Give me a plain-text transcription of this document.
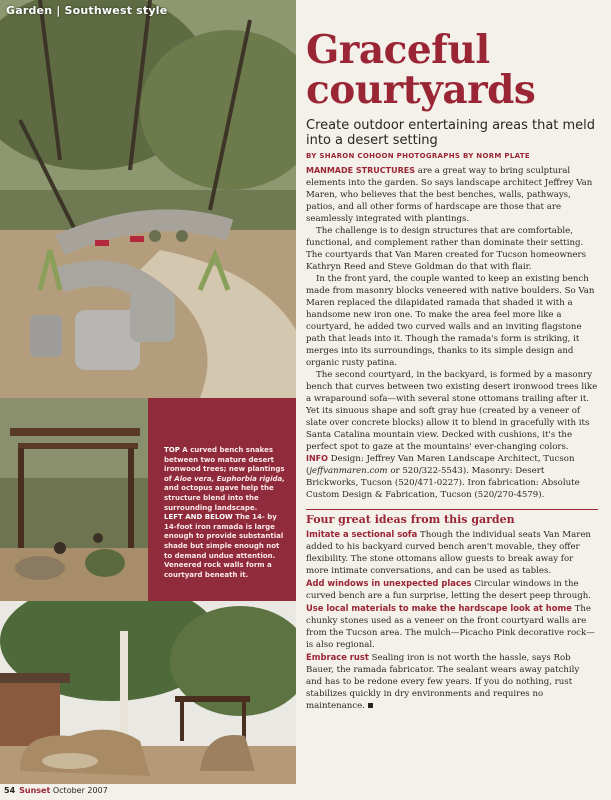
Garden | Southwest style
TOP A curved bench snakes between two mature desert ironwood trees; new plantings of Aloe vera, Euphorbia rigida, and octopus agave help the structure blend into the surrounding landscape.
LEFT AND BELOW The 14- by 14-foot iron ramada is large enough to provide substantial shade but simple enough not to demand undue attention. Veneered rock walls form a courtyard beneath it.
54 Sunset October 2007
Graceful courtyards

Create outdoor entertaining areas that meld into a desert setting

BY SHARON COHOON PHOTOGRAPHS BY NORM PLATE

MANMADE STRUCTURES are a great way to bring sculptural elements into the garden. So says landscape architect Jeffrey Van Maren, who believes that the best benches, walls, pathways, patios, and all other forms of hardscape are those that are seamlessly integrated with plantings.

The challenge is to design structures that are comfortable, functional, and complement rather than dominate their setting. The courtyards that Van Maren created for Tucson homeowners Kathryn Reed and Steve Goldman do that with flair.

In the front yard, the couple wanted to keep an existing bench made from masonry blocks veneered with native boulders. So Van Maren replaced the dilapidated ramada that shaded it with a handsome new iron one. To make the area feel more like a courtyard, he added two curved walls and an inviting flagstone path that leads into it. Though the ramada's form is striking, it merges into its surroundings, thanks to its simple design and organic rusty patina.

The second courtyard, in the backyard, is formed by a masonry bench that curves between two existing desert ironwood trees like a wraparound sofa—with several stone ottomans trailing after it. Yet its sinuous shape and soft gray hue (created by a veneer of slate over concrete blocks) allow it to blend in gracefully with its Santa Catalina mountain view. Decked with cushions, it's the perfect spot to gaze at the mountains' ever-changing colors.

INFO Design: Jeffrey Van Maren Landscape Architect, Tucson (jeffvanmaren.com or 520/322-5543). Masonry: Desert Brickworks, Tucson (520/471-0227). Iron fabrication: Absolute Custom Design & Fabrication, Tucson (520/270-4579).

Four great ideas from this garden

Imitate a sectional sofa Though the individual seats Van Maren added to his backyard curved bench aren't movable, they offer flexibility. The stone ottomans allow guests to break away for more intimate conversations, and can be used as tables.

Add windows in unexpected places Circular windows in the curved bench are a fun surprise, letting the desert peep through.

Use local materials to make the hardscape look at home The chunky stones used as a veneer on the front courtyard walls are from the Tucson area. The mulch—Picacho Pink decorative rock—is also regional.

Embrace rust Sealing iron is not worth the hassle, says Rob Bauer, the ramada fabricator. The sealant wears away patchily and has to be redone every few years. If you do nothing, rust stabilizes quickly in dry environments and requires no maintenance.
